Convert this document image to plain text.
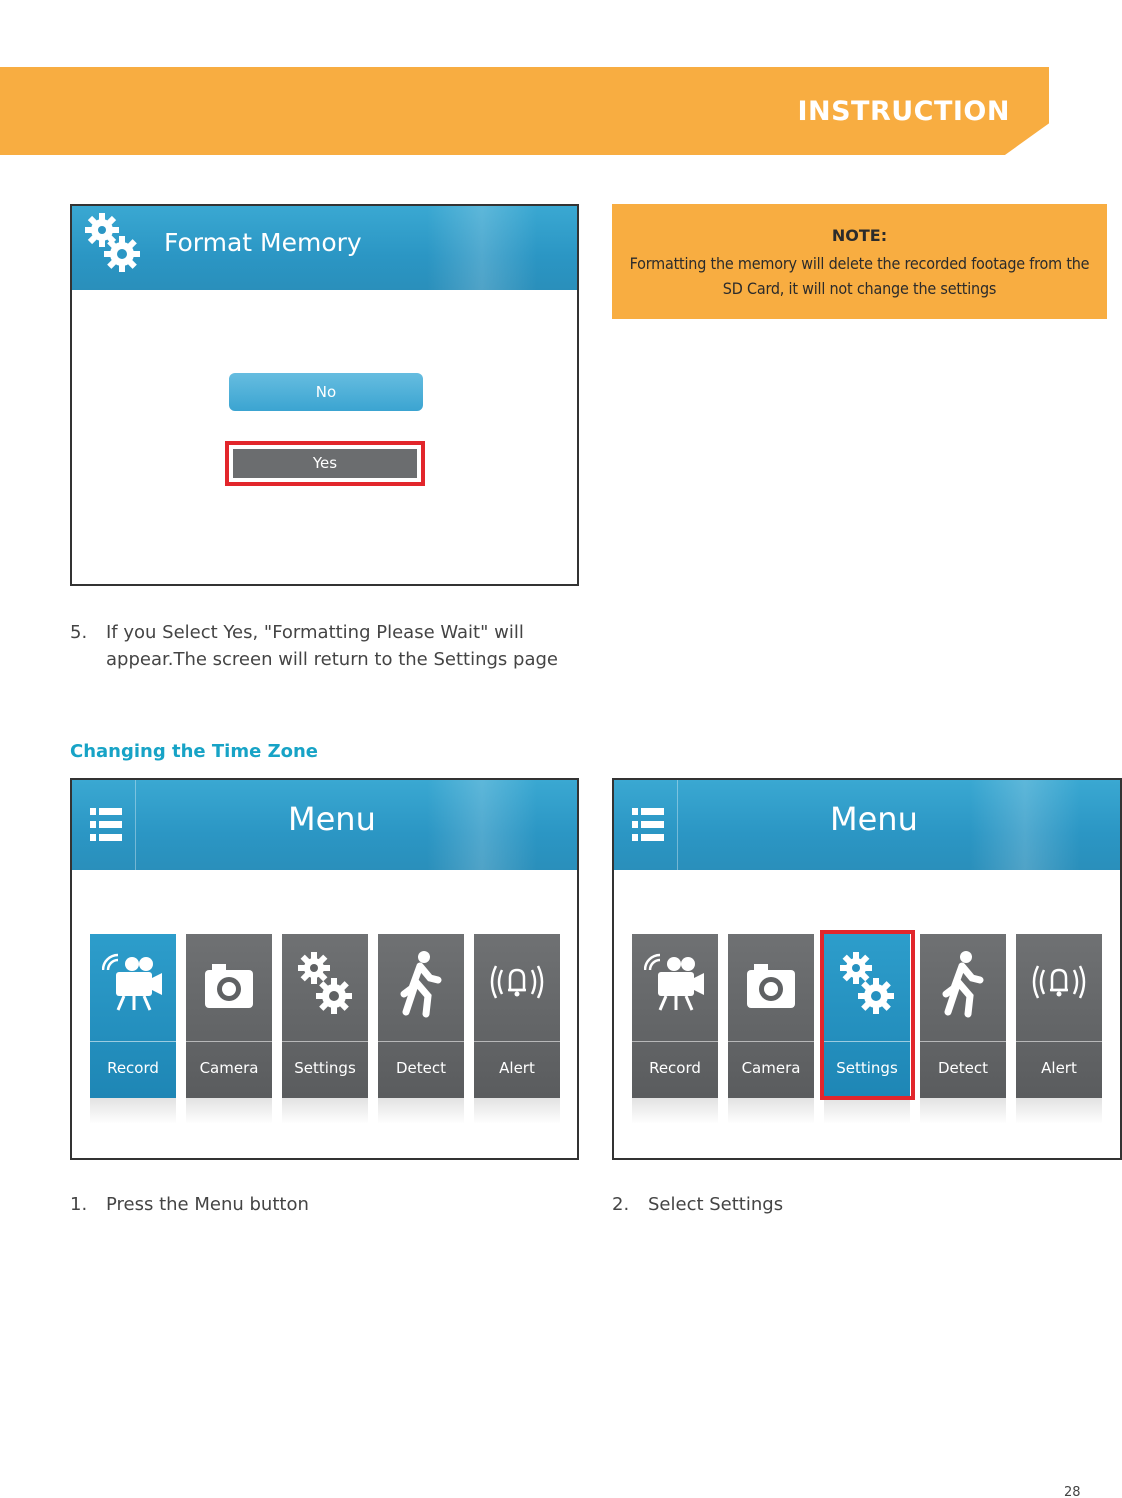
INSTRUCTION
Format Memory
No
Yes
NOTE:
Formatting the memory will delete the recorded footage from the SD Card, it will not change the settings
5. If you Select Yes, "Formatting Please Wait" will
appear.The screen will return to the Settings page
Changing the Time Zone
Menu
Record	Camera	Settings	Detect	Alert
Menu
Record	Camera	Settings	Detect	Alert
1. Press the Menu button	2. Select Settings
28
